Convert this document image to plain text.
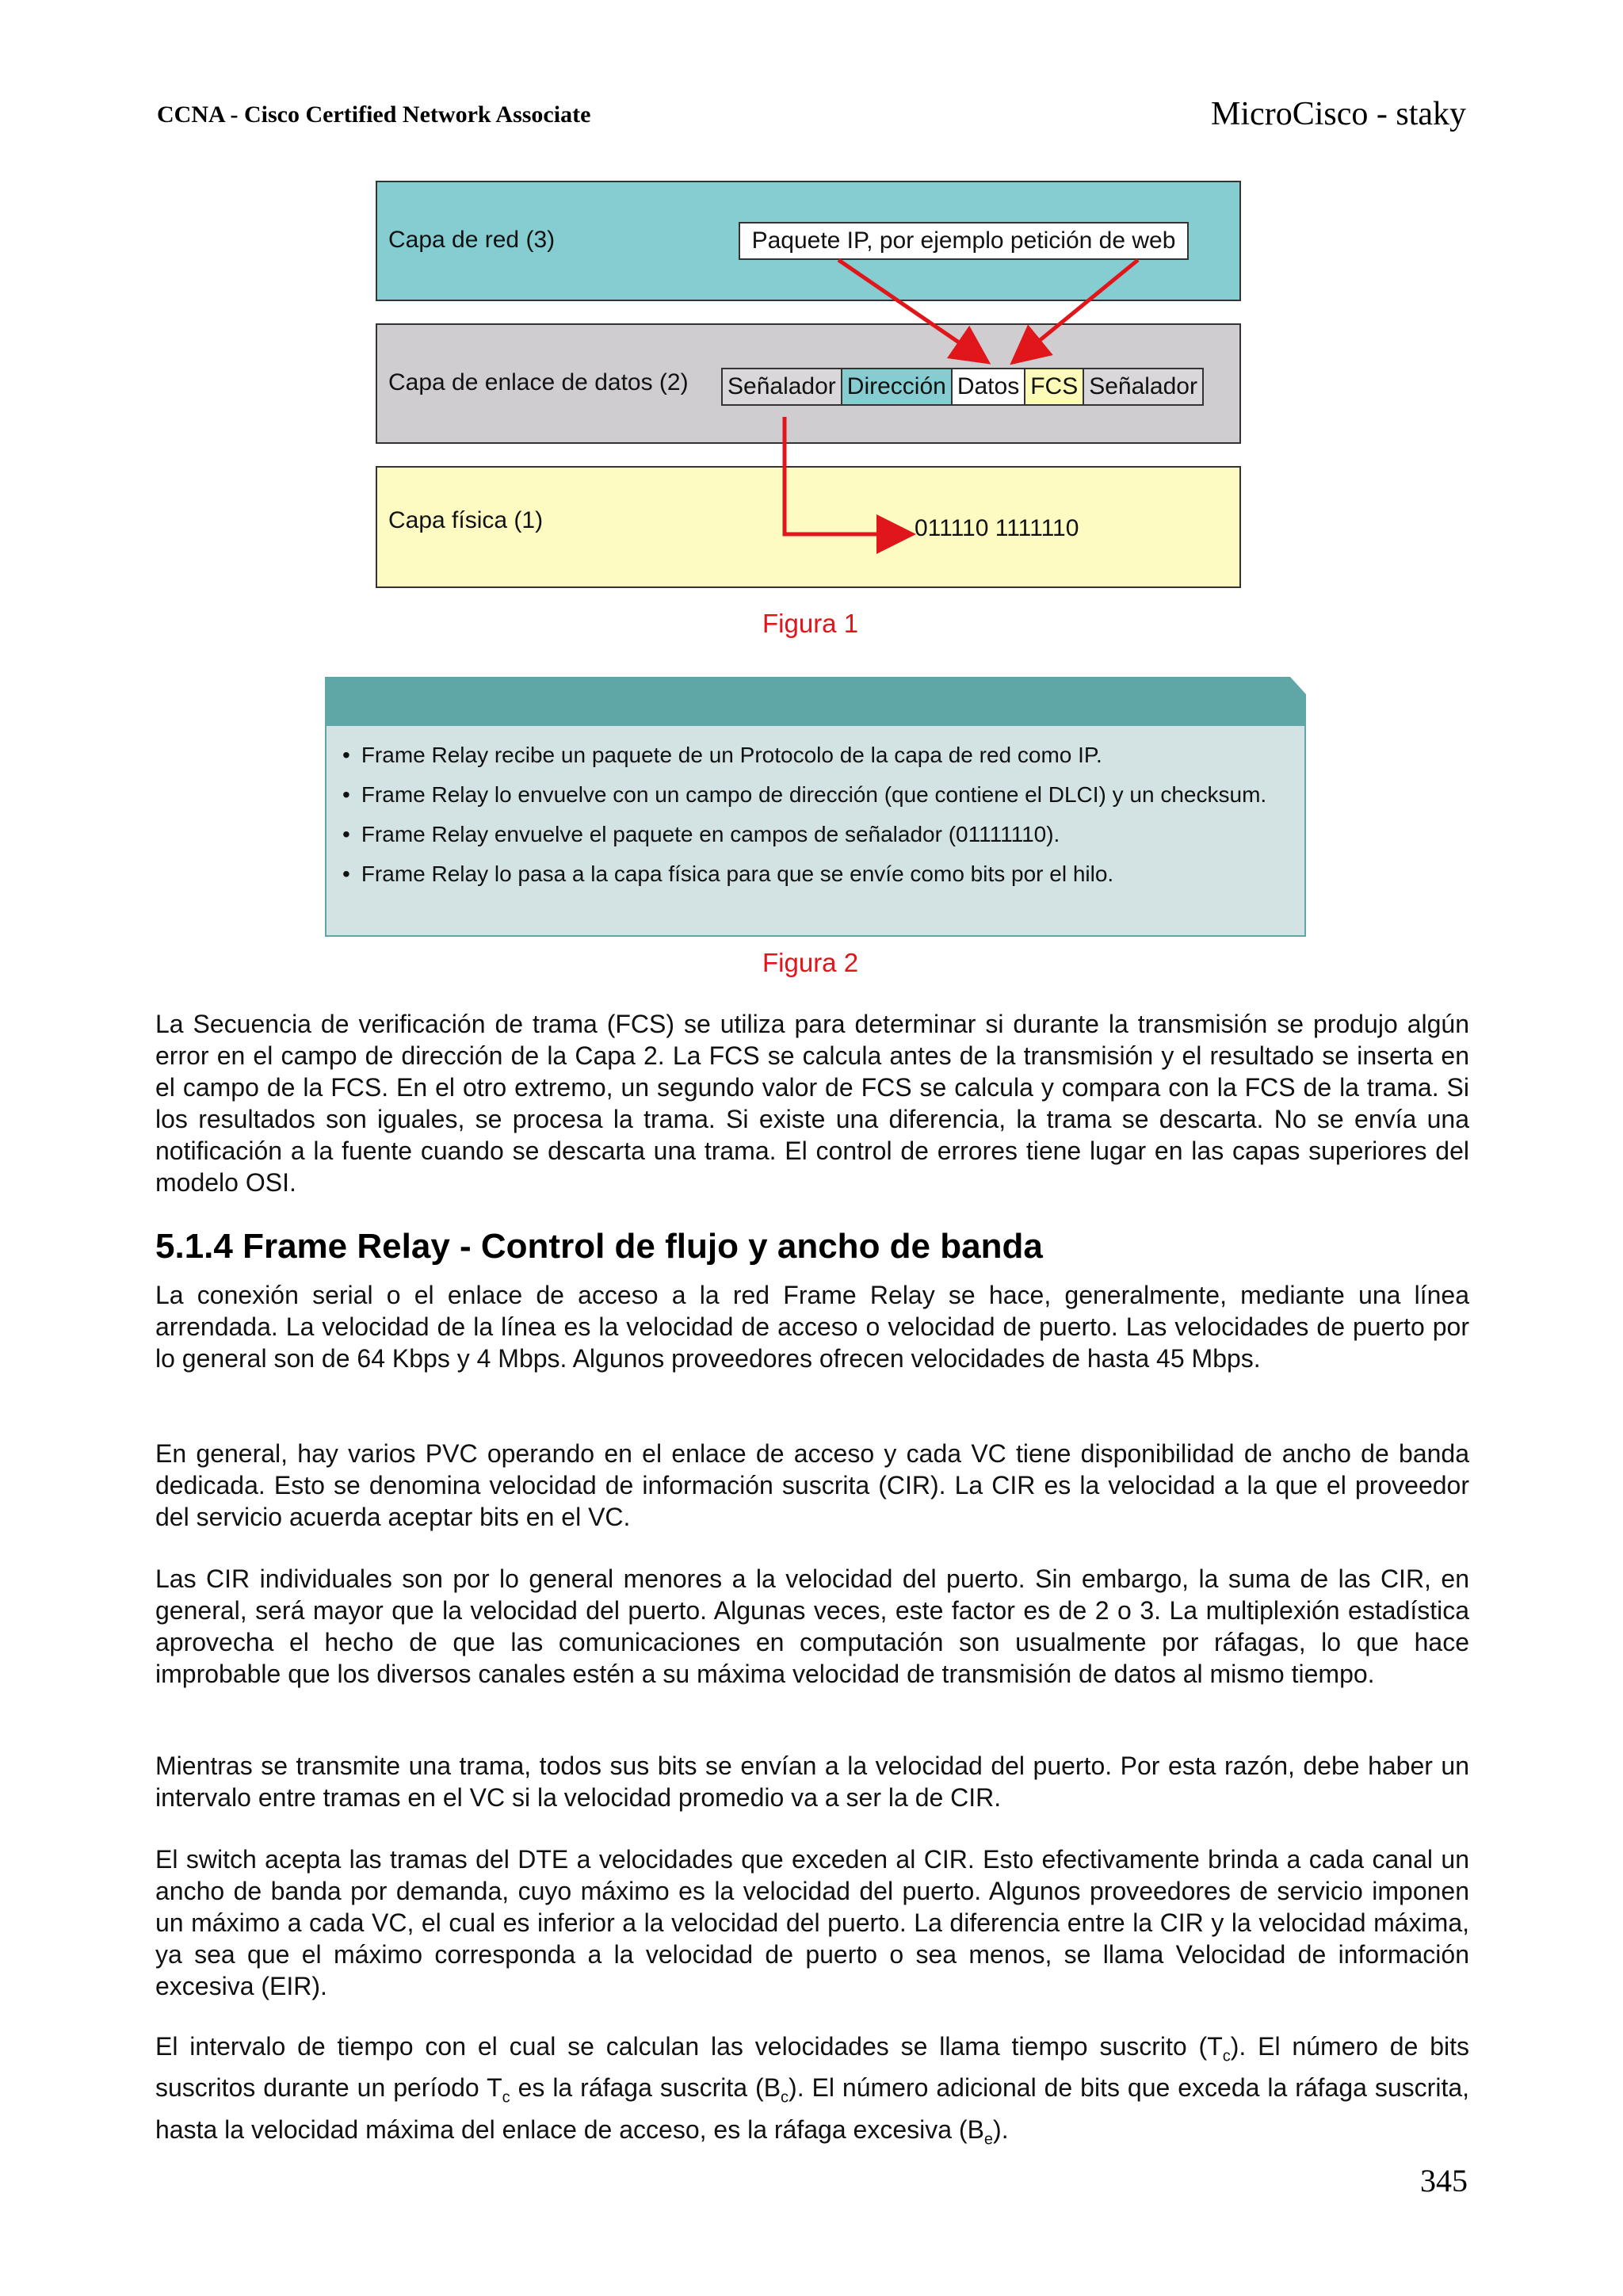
CCNA - Cisco Certified Network Associate	MicroCisco - staky
Capa de red (3)	Paquete IP, por ejemplo petición de web
Capa de enlace de datos (2) Señalador Dirección Datos FCS Señalador
Capa física (1)	011110 1111110
Figura 1
• Frame Relay recibe un paquete de un Protocolo de la capa de red como IP.
• Frame Relay lo envuelve con un campo de dirección (que contiene el DLCI) y un checksum.
• Frame Relay envuelve el paquete en campos de señalador (01111110).
• Frame Relay lo pasa a la capa física para que se envíe como bits por el hilo.
Figura 2

La Secuencia de verificación de trama (FCS) se utiliza para determinar si durante la transmisión se produjo algún error en el campo de dirección de la Capa 2. La FCS se calcula antes de la transmisión y el resultado se inserta en el campo de la FCS. En el otro extremo, un segundo valor de FCS se calcula y compara con la FCS de la trama. Si los resultados son iguales, se procesa la trama. Si existe una diferencia, la trama se descarta. No se envía una notificación a la fuente cuando se descarta una trama. El control de errores tiene lugar en las capas superiores del modelo OSI.

5.1.4 Frame Relay - Control de flujo y ancho de banda

La conexión serial o el enlace de acceso a la red Frame Relay se hace, generalmente, mediante una línea arrendada. La velocidad de la línea es la velocidad de acceso o velocidad de puerto. Las velocidades de puerto por lo general son de 64 Kbps y 4 Mbps. Algunos proveedores ofrecen velocidades de hasta 45 Mbps.

En general, hay varios PVC operando en el enlace de acceso y cada VC tiene disponibilidad de ancho de banda dedicada. Esto se denomina velocidad de información suscrita (CIR). La CIR es la velocidad a la que el proveedor del servicio acuerda aceptar bits en el VC.

Las CIR individuales son por lo general menores a la velocidad del puerto. Sin embargo, la suma de las CIR, en general, será mayor que la velocidad del puerto. Algunas veces, este factor es de 2 o 3. La multiplexión estadística aprovecha el hecho de que las comunicaciones en computación son usualmente por ráfagas, lo que hace improbable que los diversos canales estén a su máxima velocidad de transmisión de datos al mismo tiempo.

Mientras se transmite una trama, todos sus bits se envían a la velocidad del puerto. Por esta razón, debe haber un intervalo entre tramas en el VC si la velocidad promedio va a ser la de CIR.

El switch acepta las tramas del DTE a velocidades que exceden al CIR. Esto efectivamente brinda a cada canal un ancho de banda por demanda, cuyo máximo es la velocidad del puerto. Algunos proveedores de servicio imponen un máximo a cada VC, el cual es inferior a la velocidad del puerto. La diferencia entre la CIR y la velocidad máxima, ya sea que el máximo corresponda a la velocidad de puerto o sea menos, se llama Velocidad de información excesiva (EIR).

El intervalo de tiempo con el cual se calculan las velocidades se llama tiempo suscrito $(T_c)$. El número de bits suscritos durante un período $T_c$ es la ráfaga suscrita $(B_c)$. El número adicional de bits que exceda la ráfaga suscrita, hasta la velocidad máxima del enlace de acceso, es la ráfaga excesiva $(B_e)$.

345
